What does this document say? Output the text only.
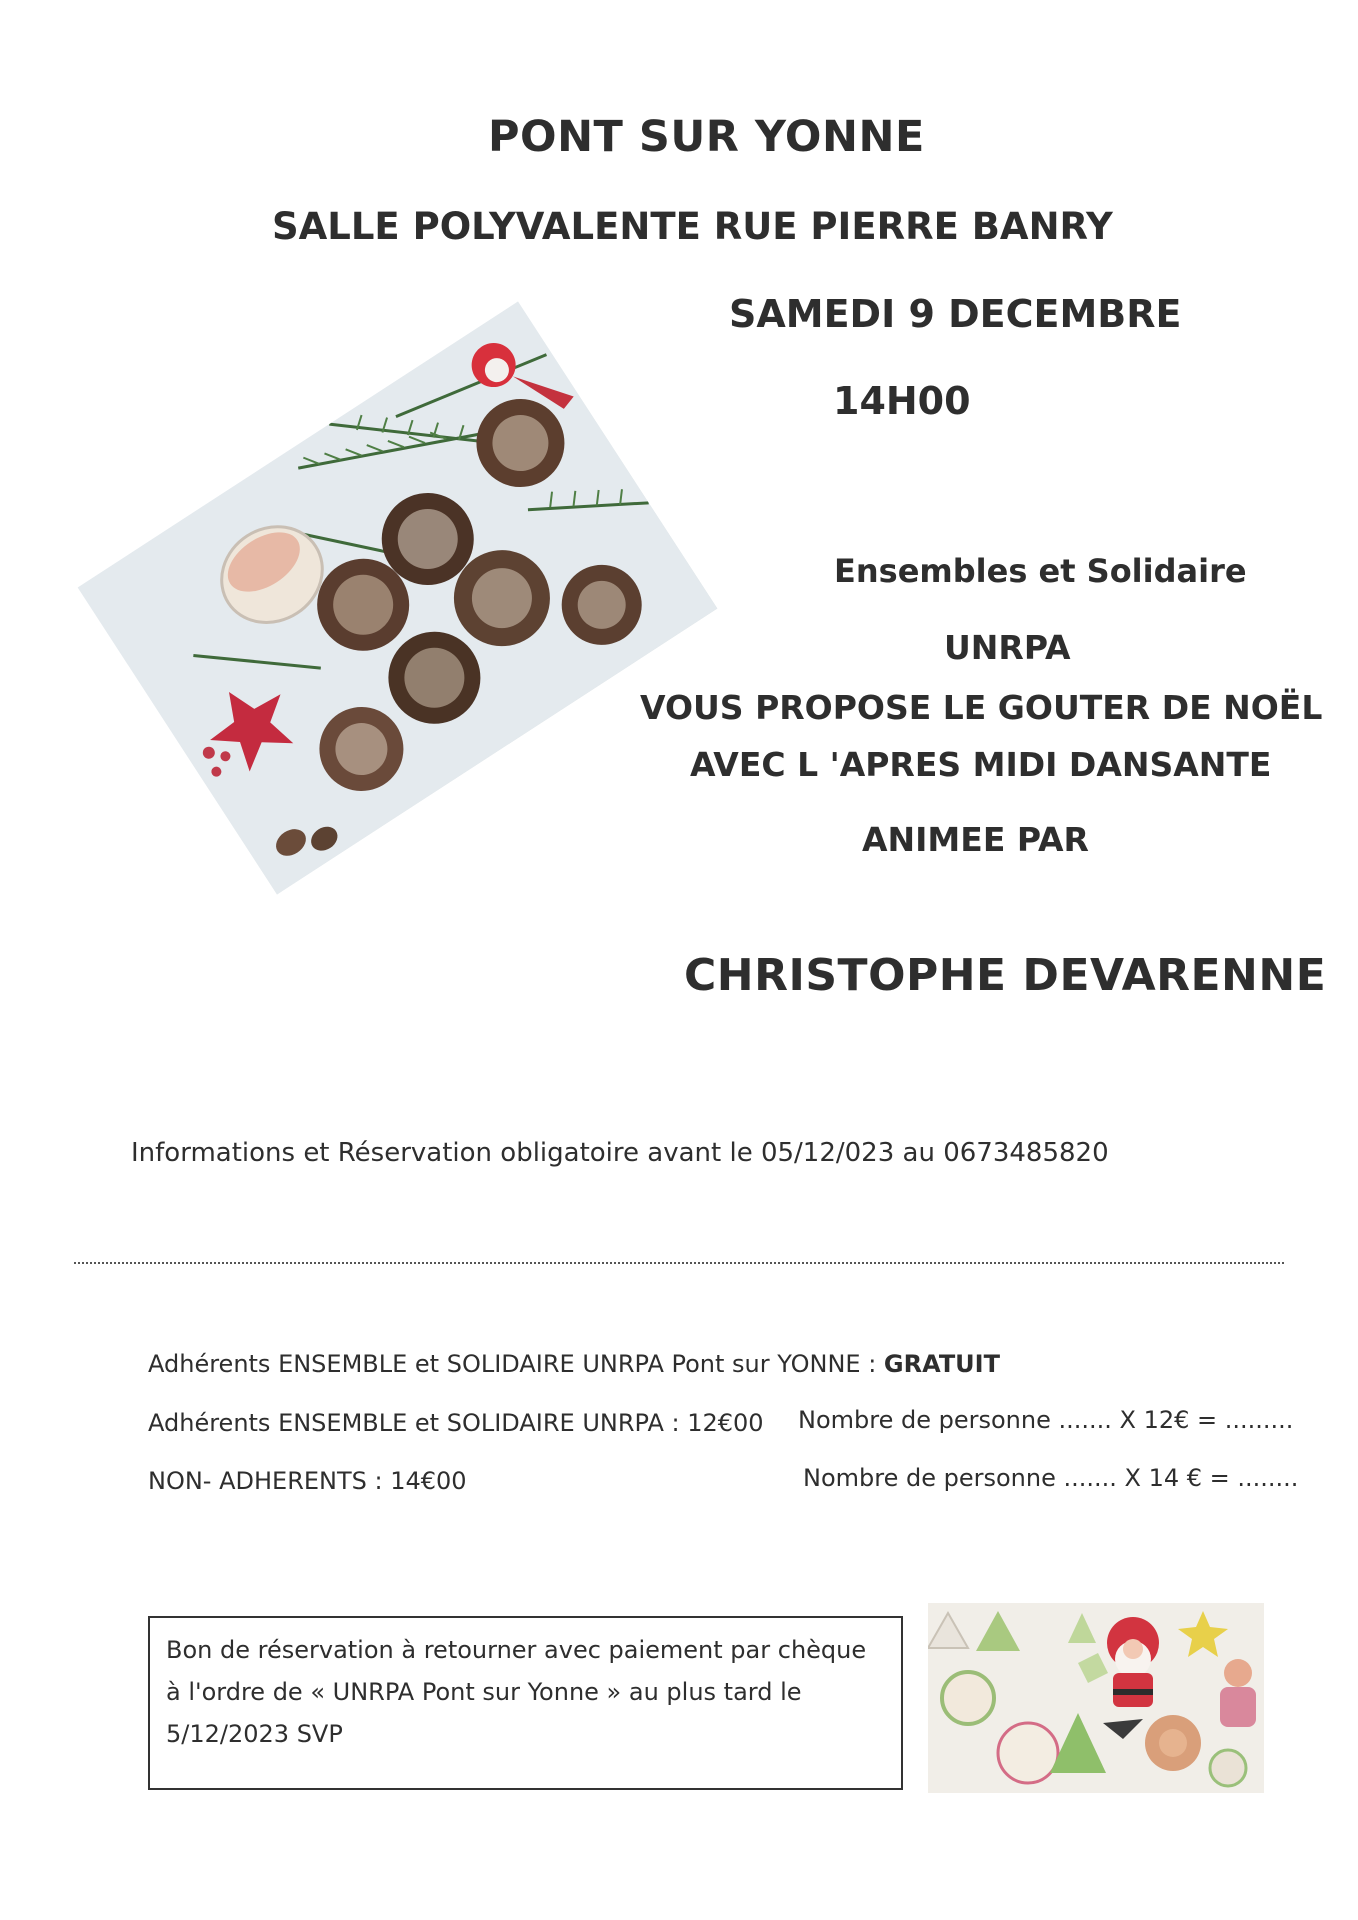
PONT SUR YONNE
SALLE POLYVALENTE RUE PIERRE BANRY
SAMEDI 9 DECEMBRE
14H00
Ensembles et Solidaire
UNRPA
VOUS PROPOSE LE GOUTER DE NOËL
AVEC L 'APRES MIDI DANSANTE
ANIMEE PAR
CHRISTOPHE DEVARENNE
Informations et Réservation obligatoire avant le 05/12/023 au 0673485820
Adhérents ENSEMBLE et SOLIDAIRE UNRPA Pont sur YONNE : GRATUIT
Adhérents ENSEMBLE et SOLIDAIRE UNRPA : 12€00 Nombre de personne ....... X 12€ = .........
NON- ADHERENTS : 14€00	Nombre de personne ....... X 14 € = ........

Bon de réservation à retourner avec paiement par chèque

à l'ordre de « UNRPA Pont sur Yonne » au plus tard le

5/12/2023 SVP
